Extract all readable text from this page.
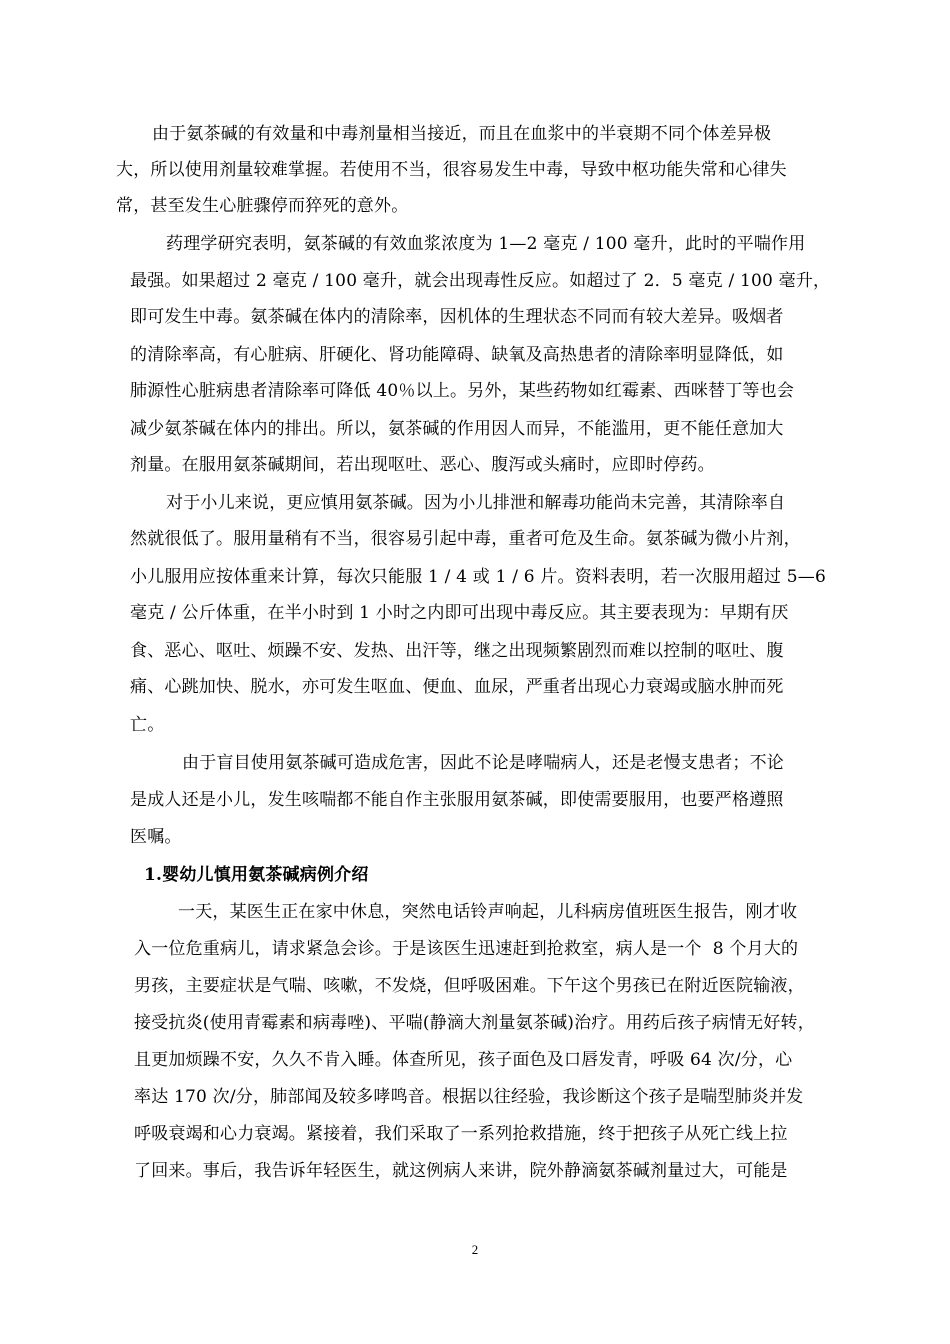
由于氨茶碱的有效量和中毒剂量相当接近，而且在血浆中的半衰期不同个体差异极
大，所以使用剂量较难掌握。若使用不当，很容易发生中毒，导致中枢功能失常和心律失
常，甚至发生心脏骤停而猝死的意外。
药理学研究表明，氨茶碱的有效血浆浓度为 1—2 毫克 / 100 毫升，此时的平喘作用
最强。如果超过 2 毫克 / 100 毫升，就会出现毒性反应。如超过了 2．5 毫克 / 100 毫升，
即可发生中毒。氨茶碱在体内的清除率，因机体的生理状态不同而有较大差异。吸烟者
的清除率高，有心脏病、肝硬化、肾功能障碍、缺氧及高热患者的清除率明显降低，如
肺源性心脏病患者清除率可降低 40％以上。另外，某些药物如红霉素、西咪替丁等也会
减少氨茶碱在体内的排出。所以，氨茶碱的作用因人而异，不能滥用，更不能任意加大
剂量。在服用氨茶碱期间，若出现呕吐、恶心、腹泻或头痛时，应即时停药。
对于小儿来说，更应慎用氨茶碱。因为小儿排泄和解毒功能尚未完善，其清除率自
然就很低了。服用量稍有不当，很容易引起中毒，重者可危及生命。氨茶碱为微小片剂，
小儿服用应按体重来计算，每次只能服 1 / 4 或 1 / 6 片。资料表明，若一次服用超过 5—6
毫克 / 公斤体重，在半小时到 1 小时之内即可出现中毒反应。其主要表现为：早期有厌
食、恶心、呕吐、烦躁不安、发热、出汗等，继之出现频繁剧烈而难以控制的呕吐、腹
痛、心跳加快、脱水，亦可发生呕血、便血、血尿，严重者出现心力衰竭或脑水肿而死
亡。
由于盲目使用氨茶碱可造成危害，因此不论是哮喘病人，还是老慢支患者；不论
是成人还是小儿，发生咳喘都不能自作主张服用氨茶碱，即使需要服用，也要严格遵照
医嘱。
1.婴幼儿慎用氨茶碱病例介绍
一天，某医生正在家中休息，突然电话铃声响起，儿科病房值班医生报告，刚才收
入一位危重病儿，请求紧急会诊。于是该医生迅速赶到抢救室，病人是一个  8 个月大的
男孩，主要症状是气喘、咳嗽，不发烧，但呼吸困难。下午这个男孩已在附近医院输液，
接受抗炎(使用青霉素和病毒唑)、平喘(静滴大剂量氨茶碱)治疗。用药后孩子病情无好转，
且更加烦躁不安，久久不肯入睡。体查所见，孩子面色及口唇发青，呼吸 64 次/分，心
率达 170 次/分，肺部闻及较多哮鸣音。根据以往经验，我诊断这个孩子是喘型肺炎并发
呼吸衰竭和心力衰竭。紧接着，我们采取了一系列抢救措施，终于把孩子从死亡线上拉
了回来。事后，我告诉年轻医生，就这例病人来讲，院外静滴氨茶碱剂量过大，可能是
2
